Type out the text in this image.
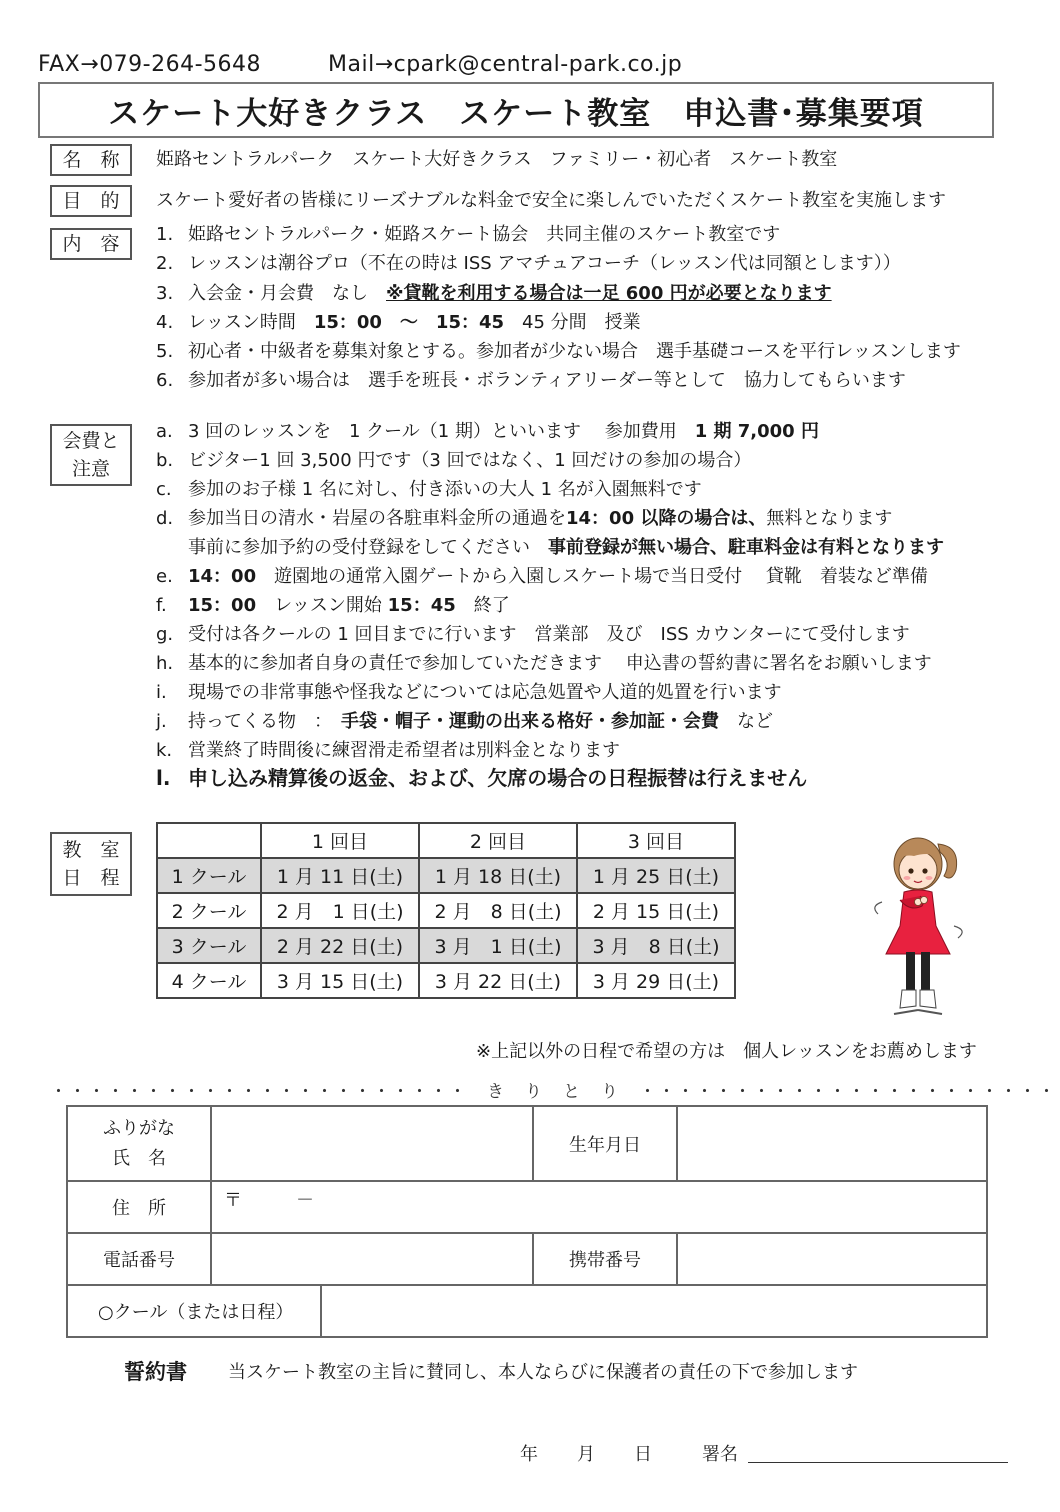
FAX→079-264-5648	Mail→cpark@central-park.co.jp
スケート大好きクラス　スケート教室　申込書･募集要項
名　称	姫路セントラルパーク　スケート大好きクラス　ファミリー・初心者　スケート教室
目　的	スケート愛好者の皆様にリーズナブルな料金で安全に楽しんでいただくスケート教室を実施します
内　容	1. 姫路セントラルパーク・姫路スケート協会　共同主催のスケート教室です
2. レッスンは潮谷プロ（不在の時は ISS アマチュアコーチ（レッスン代は同額とします））
3. 入会金・月会費　なし　 ※貸靴を利用する場合は一足 600 円が必要となります
4. レッスン時間　15：00　～　15：45　45 分間　授業
5. 初心者・中級者を募集対象とする。参加者が少ない場合　選手基礎コースを平行レッスンします
6. 参加者が多い場合は　選手を班長・ボランティアリーダー等として　協力してもらいます
会費と
注意
a. 3 回のレッスンを　1 クール（1 期）といいます　 参加費用　1 期 7,000 円
b. ビジター1 回 3,500 円です（3 回ではなく、1 回だけの参加の場合）
c. 参加のお子様 1 名に対し、付き添いの大人 1 名が入園無料です
d. 参加当日の清水・岩屋の各駐車料金所の通過を14：00 以降の場合は、無料となります
事前に参加予約の受付登録をしてください　事前登録が無い場合、駐車料金は有料となります
e. 14：00　遊園地の通常入園ゲートから入園しスケート場で当日受付　 貸靴　着装など準備
f. 15：00　レッスン開始 15：45　終了
g. 受付は各クールの 1 回目までに行います　営業部　及び　ISS カウンターにて受付します
h. 基本的に参加者自身の責任で参加していただきます　 申込書の誓約書に署名をお願いします
i. 現場での非常事態や怪我などについては応急処置や人道的処置を行います
j. 持ってくる物　：　手袋・帽子・運動の出来る格好・参加証・会費　など
k. 営業終了時間後に練習滑走希望者は別料金となります
l. 申し込み精算後の返金、および、欠席の場合の日程振替は行えません
教　室
日　程
	1 回目	2 回目	3 回目
1 クール	1 月 11 日(土)	1 月 18 日(土)	1 月 25 日(土)
2 クール	2 月　1 日(土)	2 月　8 日(土)	2 月 15 日(土)
3 クール	2 月 22 日(土)	3 月　1 日(土)	3 月　8 日(土)
4 クール	3 月 15 日(土)	3 月 22 日(土)	3 月 29 日(土)
※上記以外の日程で希望の方は　個人レッスンをお薦めします
・・・・・・・・・・・・・・・・・・・・・・　き　り　と　り　・・・・・・・・・・・・・・・・・・・・・・
ふりがな
氏　名		生年月日	
住　所	〒　　　－		
電話番号		携帯番号	

○クール（または日程）			
誓約書 当スケート教室の主旨に賛同し、本人ならびに保護者の責任の下で参加します
年 月 日	署名
